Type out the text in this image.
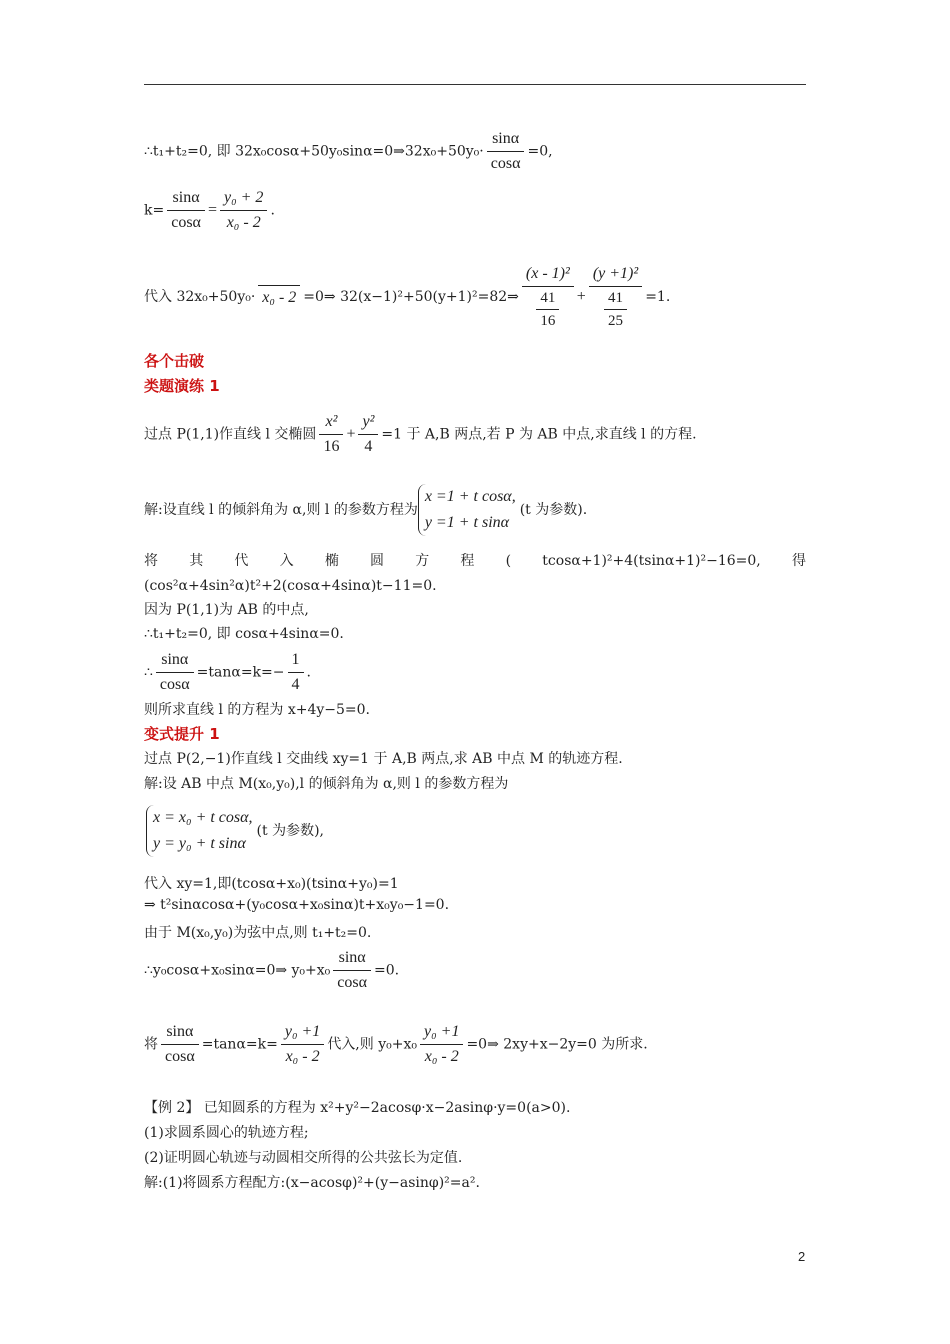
∴t₁+t₂=0, 即 32x₀cosα+50y₀sinα=0⇒32x₀+50y₀· $\frac{\sin\alpha}{\cos\alpha} =0$,
$k= \frac{\sin\alpha}{\cos\alpha} = \frac{\text{y₀ + 2}}{\text{x₀ - 2}}$ .
代入 32x₀+50y₀· x₀ - 2 =0⇒ 32(x−1)²+50(y+1)²=82⇒ $\frac{\text{(x - 1)²}}{\frac{41}{16}} + \frac{\text{(y +1)²}}{\frac{41}{25}} =1$.
各个击破
类题演练 1
过点 P(1,1)作直线 l 交椭圆 $\frac{\text{x²}}{16} + \frac{\text{y²}}{4} =1$ 于 A,B 两点,若 P 为 AB 中点,求直线 l 的方程.
解:设直线 l 的倾斜角为 α,则 l 的参数方程为
x =1 + t cosα,
y =1 + t sinα
(t 为参数).
将 其 代 入 椭 圆 方 程 ( tcosα+1)²+4(tsinα+1)²−16=0, 得
(cos²α+4sin²α)t²+2(cosα+4sinα)t−11=0.
因为 P(1,1)为 AB 的中点,
∴t₁+t₂=0, 即 cosα+4sinα=0.
∴ $\frac{\sin\alpha}{\cos\alpha} =\tan\alpha=k=- \frac{1}{4}$ .
则所求直线 l 的方程为 x+4y−5=0.
变式提升 1
过点 P(2,−1)作直线 l 交曲线 xy=1 于 A,B 两点,求 AB 中点 M 的轨迹方程.
解:设 AB 中点 M(x₀,y₀),l 的倾斜角为 α,则 l 的参数方程为
x = x₀ + t cosα,
y = y₀ + t sinα
(t 为参数),
代入 xy=1,即(tcosα+x₀)(tsinα+y₀)=1
⇒ t²sinαcosα+(y₀cosα+x₀sinα)t+x₀y₀−1=0.
由于 M(x₀,y₀)为弦中点,则 t₁+t₂=0.
∴y₀cosα+x₀sinα=0⇒ $y_0+x_0 \frac{\sin\alpha}{\cos\alpha} =0$.
将 $\frac{\sin\alpha}{\cos\alpha} =\tan\alpha=k= \frac{\text{y₀ +1}}{\text{x₀ - 2}}$ 代入,则 $y_0+x_0 \frac{\text{y₀ +1}}{\text{x₀ - 2}}$ =0⇒ 2xy+x−2y=0 为所求.
【例 2】 已知圆系的方程为 x²+y²−2acosφ·x−2asinφ·y=0(a>0).
(1)求圆系圆心的轨迹方程;
(2)证明圆心轨迹与动圆相交所得的公共弦长为定值.
解:(1)将圆系方程配方:(x−acosφ)²+(y−asinφ)²=a².
2
